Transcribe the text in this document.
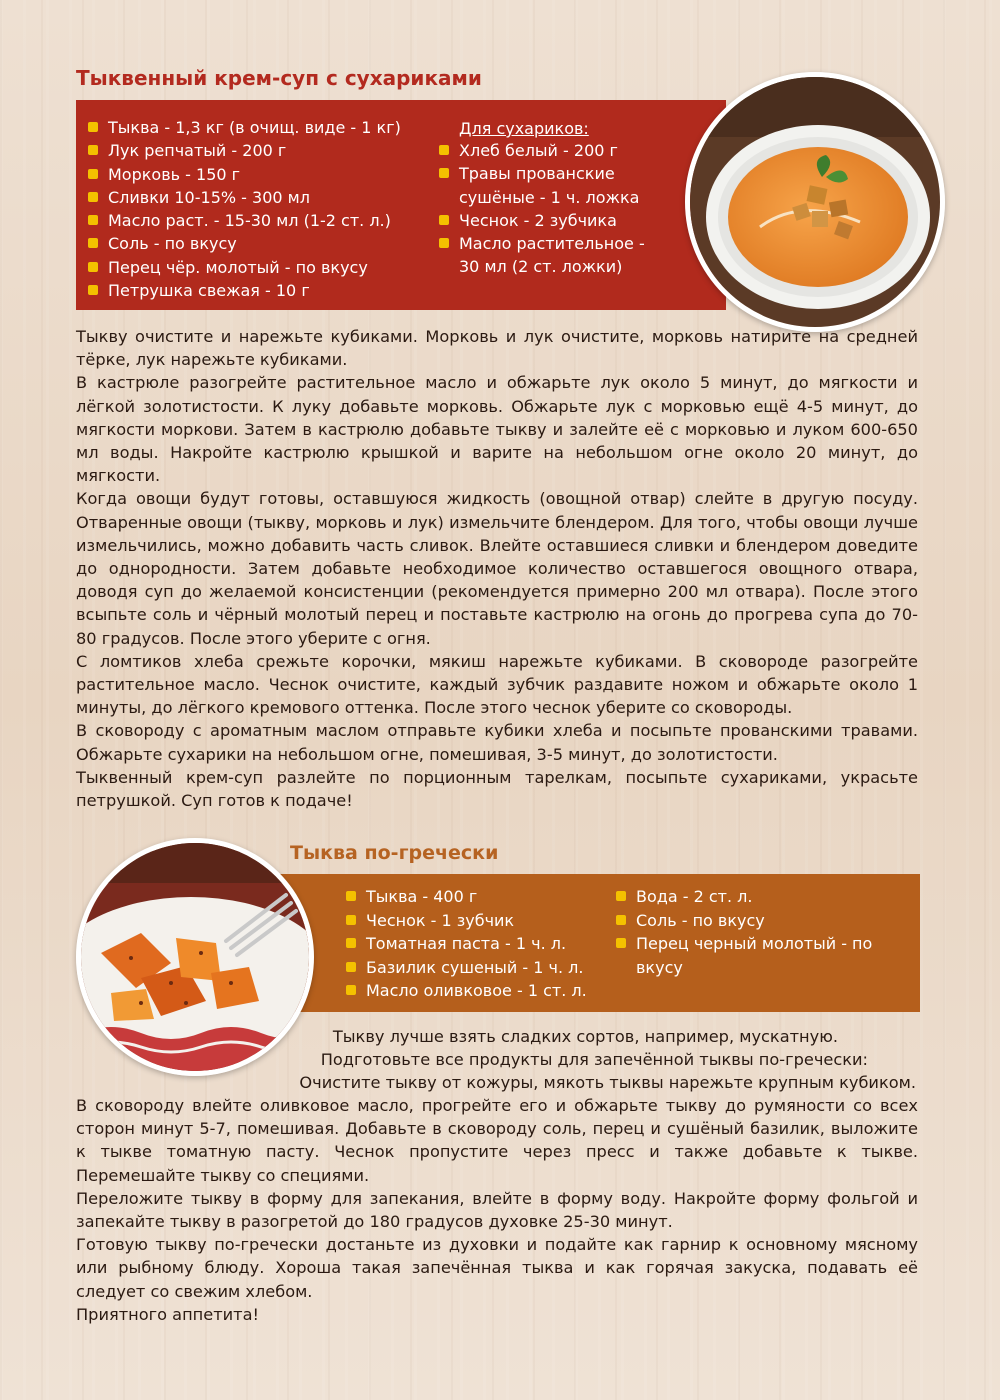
Тыквенный крем-суп с сухариками
Тыква - 1,3 кг (в очищ. виде - 1 кг)
Лук репчатый - 200 г
Морковь - 150 г
Сливки 10-15% - 300 мл
Масло раст. - 15-30 мл (1-2 ст. л.)
Соль - по вкусу
Перец чёр. молотый - по вкусу
Петрушка свежая - 10 г
Для сухариков:
Хлеб белый - 200 г
Травы прованские сушёные - 1 ч. ложка
Чеснок - 2 зубчика
Масло растительное - 30 мл (2 ст. ложки)

Тыкву очистите и нарежьте кубиками. Морковь и лук очистите, морковь натирите на средней тёрке, лук нарежьте кубиками.

В кастрюле разогрейте растительное масло и обжарьте лук около 5 минут, до мягкости и лёгкой золотистости. К луку добавьте морковь. Обжарьте лук с морковью ещё 4-5 минут, до мягкости моркови. Затем в кастрюлю добавьте тыкву и залейте её с морковью и луком 600-650 мл воды. Накройте кастрюлю крышкой и варите на небольшом огне около 20 минут, до мягкости.

Когда овощи будут готовы, оставшуюся жидкость (овощной отвар) слейте в другую посуду. Отваренные овощи (тыкву, морковь и лук) измельчите блендером. Для того, чтобы овощи лучше измельчились, можно добавить часть сливок. Влейте оставшиеся сливки и блендером доведите до однородности. Затем добавьте необходимое количество оставшегося овощного отвара, доводя суп до желаемой консистенции (рекомендуется примерно 200 мл отвара). После этого всыпьте соль и чёрный молотый перец и поставьте кастрюлю на огонь до прогрева супа до 70-80 градусов. После этого уберите с огня.

С ломтиков хлеба срежьте корочки, мякиш нарежьте кубиками. В сковороде разогрейте растительное масло. Чеснок очистите, каждый зубчик раздавите ножом и обжарьте около 1 минуты, до лёгкого кремового оттенка. После этого чеснок уберите со сковороды.

В сковороду с ароматным маслом отправьте кубики хлеба и посыпьте прованскими травами. Обжарьте сухарики на небольшом огне, помешивая, 3-5 минут, до золотистости.

Тыквенный крем-суп разлейте по порционным тарелкам, посыпьте сухариками, украсьте петрушкой. Суп готов к подаче!

Тыква по-гречески
Тыква - 400 г
Чеснок - 1 зубчик
Томатная паста - 1 ч. л.
Базилик сушеный - 1 ч. л.
Масло оливковое - 1 ст. л.
Вода - 2 ст. л.
Соль - по вкусу
Перец черный молотый - по вкусу

Тыкву лучше взять сладких сортов, например, мускатную.

Подготовьте все продукты для запечённой тыквы по-гречески:

Очистите тыкву от кожуры, мякоть тыквы нарежьте крупным кубиком.

В сковороду влейте оливковое масло, прогрейте его и обжарьте тыкву до румяности со всех сторон минут 5-7, помешивая. Добавьте в сковороду соль, перец и сушёный базилик, выложите к тыкве томатную пасту. Чеснок пропустите через пресс и также добавьте к тыкве. Перемешайте тыкву со специями.

Переложите тыкву в форму для запекания, влейте в форму воду. Накройте форму фольгой и запекайте тыкву в разогретой до 180 градусов духовке 25-30 минут.

Готовую тыкву по-гречески достаньте из духовки и подайте как гарнир к основному мясному или рыбному блюду. Хороша такая запечённая тыква и как горячая закуска, подавать её следует со свежим хлебом.

Приятного аппетита!
